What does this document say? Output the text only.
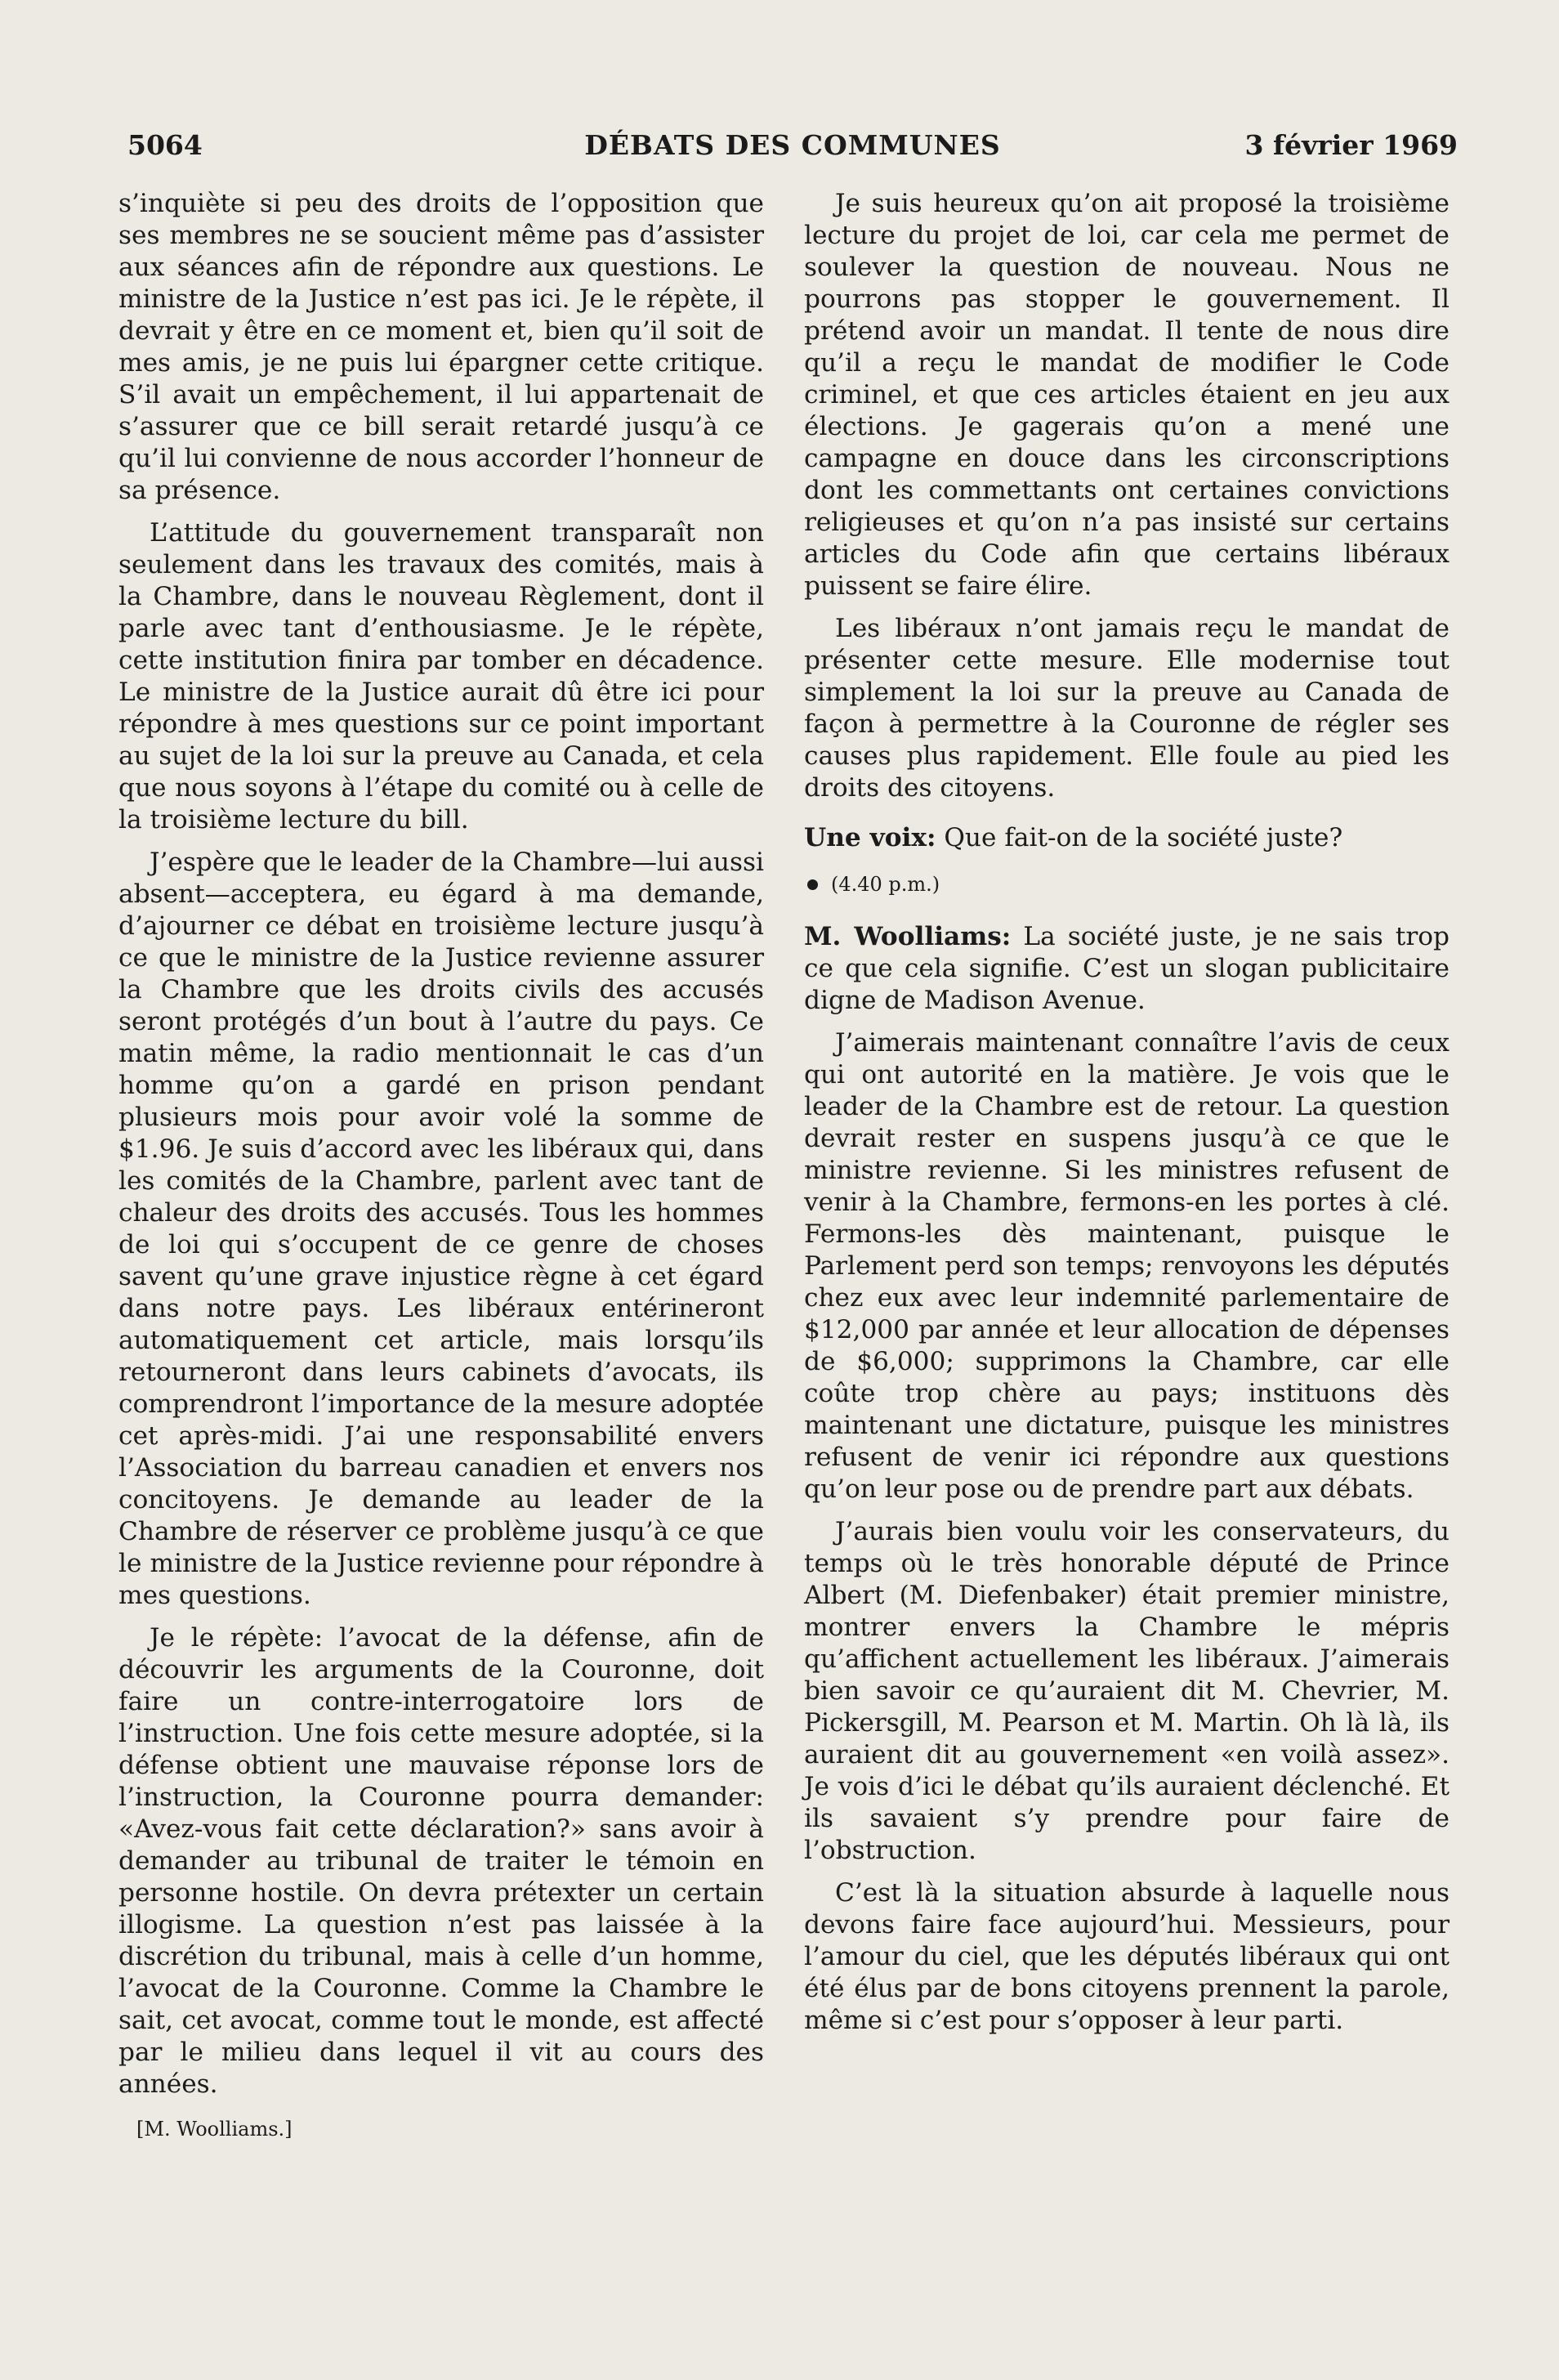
5064	DÉBATS DES COMMUNES	3 février 1969

s’inquiète si peu des droits de l’opposition que ses membres ne se soucient même pas d’assister aux séances afin de répondre aux questions. Le ministre de la Justice n’est pas ici. Je le répète, il devrait y être en ce moment et, bien qu’il soit de mes amis, je ne puis lui épargner cette critique. S’il avait un empêchement, il lui appartenait de s’assurer que ce bill serait retardé jusqu’à ce qu’il lui convienne de nous accorder l’honneur de sa présence.

L’attitude du gouvernement transparaît non seulement dans les travaux des comités, mais à la Chambre, dans le nouveau Règlement, dont il parle avec tant d’enthousiasme. Je le répète, cette institution finira par tomber en décadence. Le ministre de la Justice aurait dû être ici pour répondre à mes questions sur ce point important au sujet de la loi sur la preuve au Canada, et cela que nous soyons à l’étape du comité ou à celle de la troisième lecture du bill.

J’espère que le leader de la Chambre—lui aussi absent—acceptera, eu égard à ma demande, d’ajourner ce débat en troisième lecture jusqu’à ce que le ministre de la Justice revienne assurer la Chambre que les droits civils des accusés seront protégés d’un bout à l’autre du pays. Ce matin même, la radio mentionnait le cas d’un homme qu’on a gardé en prison pendant plusieurs mois pour avoir volé la somme de $1.96. Je suis d’accord avec les libéraux qui, dans les comités de la Chambre, parlent avec tant de chaleur des droits des accusés. Tous les hommes de loi qui s’occupent de ce genre de choses savent qu’une grave injustice règne à cet égard dans notre pays. Les libéraux entérineront automatiquement cet article, mais lorsqu’ils retourneront dans leurs cabinets d’avocats, ils comprendront l’importance de la mesure adoptée cet après-midi. J’ai une responsabilité envers l’Association du barreau canadien et envers nos concitoyens. Je demande au leader de la Chambre de réserver ce problème jusqu’à ce que le ministre de la Justice revienne pour répondre à mes questions.

Je le répète: l’avocat de la défense, afin de découvrir les arguments de la Couronne, doit faire un contre-interrogatoire lors de l’instruction. Une fois cette mesure adoptée, si la défense obtient une mauvaise réponse lors de l’instruction, la Couronne pourra demander: «Avez-vous fait cette déclaration?» sans avoir à demander au tribunal de traiter le témoin en personne hostile. On devra prétexter un certain illogisme. La question n’est pas laissée à la discrétion du tribunal, mais à celle d’un homme, l’avocat de la Couronne. Comme la Chambre le sait, cet avocat, comme tout le monde, est affecté par le milieu dans lequel il vit au cours des années.

[M. Woolliams.]

Je suis heureux qu’on ait proposé la troisième lecture du projet de loi, car cela me permet de soulever la question de nouveau. Nous ne pourrons pas stopper le gouvernement. Il prétend avoir un mandat. Il tente de nous dire qu’il a reçu le mandat de modifier le Code criminel, et que ces articles étaient en jeu aux élections. Je gagerais qu’on a mené une campagne en douce dans les circonscriptions dont les commettants ont certaines convictions religieuses et qu’on n’a pas insisté sur certains articles du Code afin que certains libéraux puissent se faire élire.

Les libéraux n’ont jamais reçu le mandat de présenter cette mesure. Elle modernise tout simplement la loi sur la preuve au Canada de façon à permettre à la Couronne de régler ses causes plus rapidement. Elle foule au pied les droits des citoyens.

Une voix: Que fait-on de la société juste?

(4.40 p.m.)

M. Woolliams: La société juste, je ne sais trop ce que cela signifie. C’est un slogan publicitaire digne de Madison Avenue.

J’aimerais maintenant connaître l’avis de ceux qui ont autorité en la matière. Je vois que le leader de la Chambre est de retour. La question devrait rester en suspens jusqu’à ce que le ministre revienne. Si les ministres refusent de venir à la Chambre, fermons-en les portes à clé. Fermons-les dès maintenant, puisque le Parlement perd son temps; renvoyons les députés chez eux avec leur indemnité parlementaire de $12,000 par année et leur allocation de dépenses de $6,000; supprimons la Chambre, car elle coûte trop chère au pays; instituons dès maintenant une dictature, puisque les ministres refusent de venir ici répondre aux questions qu’on leur pose ou de prendre part aux débats.

J’aurais bien voulu voir les conservateurs, du temps où le très honorable député de Prince Albert (M. Diefenbaker) était premier ministre, montrer envers la Chambre le mépris qu’affichent actuellement les libéraux. J’aimerais bien savoir ce qu’auraient dit M. Chevrier, M. Pickersgill, M. Pearson et M. Martin. Oh là là, ils auraient dit au gouvernement «en voilà assez». Je vois d’ici le débat qu’ils auraient déclenché. Et ils savaient s’y prendre pour faire de l’obstruction.

C’est là la situation absurde à laquelle nous devons faire face aujourd’hui. Messieurs, pour l’amour du ciel, que les députés libéraux qui ont été élus par de bons citoyens prennent la parole, même si c’est pour s’opposer à leur parti.
